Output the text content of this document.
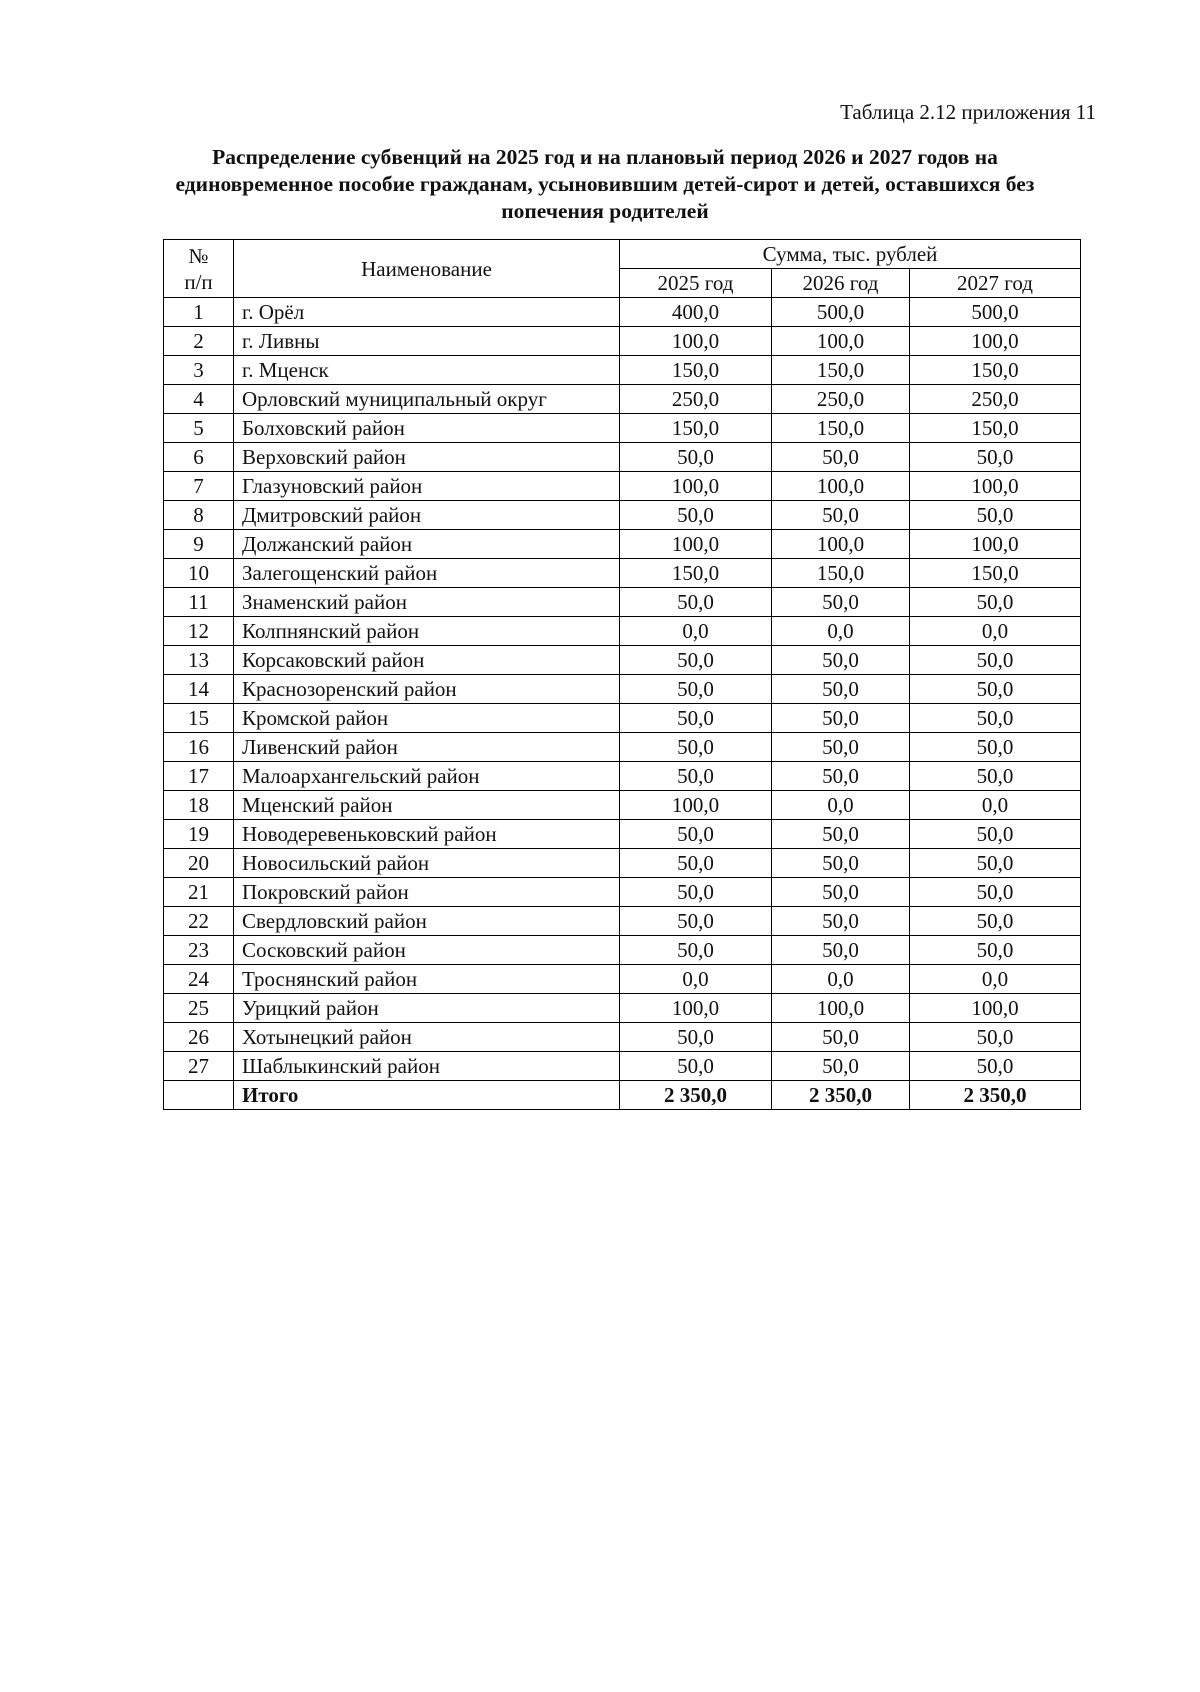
Таблица 2.12 приложения 11

Распределение субвенций на 2025 год и на плановый период 2026 и 2027 годов на
единовременное пособие гражданам, усыновившим детей-сирот и детей, оставшихся без
попечения родителей
№
п/п	Наименование	Сумма, тыс. рублей		
		2025 год	2026 год	2027 год
1	г. Орёл	400,0	500,0	500,0
2	г. Ливны	100,0	100,0	100,0
3	г. Мценск	150,0	150,0	150,0
4	Орловский муниципальный округ	250,0	250,0	250,0
5	Болховский район	150,0	150,0	150,0
6	Верховский район	50,0	50,0	50,0
7	Глазуновский район	100,0	100,0	100,0
8	Дмитровский район	50,0	50,0	50,0
9	Должанский район	100,0	100,0	100,0
10	Залегощенский район	150,0	150,0	150,0
11	Знаменский район	50,0	50,0	50,0
12	Колпнянский район	0,0	0,0	0,0
13	Корсаковский район	50,0	50,0	50,0
14	Краснозоренский район	50,0	50,0	50,0
15	Кромской район	50,0	50,0	50,0
16	Ливенский район	50,0	50,0	50,0
17	Малоархангельский район	50,0	50,0	50,0
18	Мценский район	100,0	0,0	0,0
19	Новодеревеньковский район	50,0	50,0	50,0
20	Новосильский район	50,0	50,0	50,0
21	Покровский район	50,0	50,0	50,0
22	Свердловский район	50,0	50,0	50,0
23	Сосковский район	50,0	50,0	50,0
24	Троснянский район	0,0	0,0	0,0
25	Урицкий район	100,0	100,0	100,0
26	Хотынецкий район	50,0	50,0	50,0
27	Шаблыкинский район	50,0	50,0	50,0
	Итого	2 350,0	2 350,0	2 350,0
